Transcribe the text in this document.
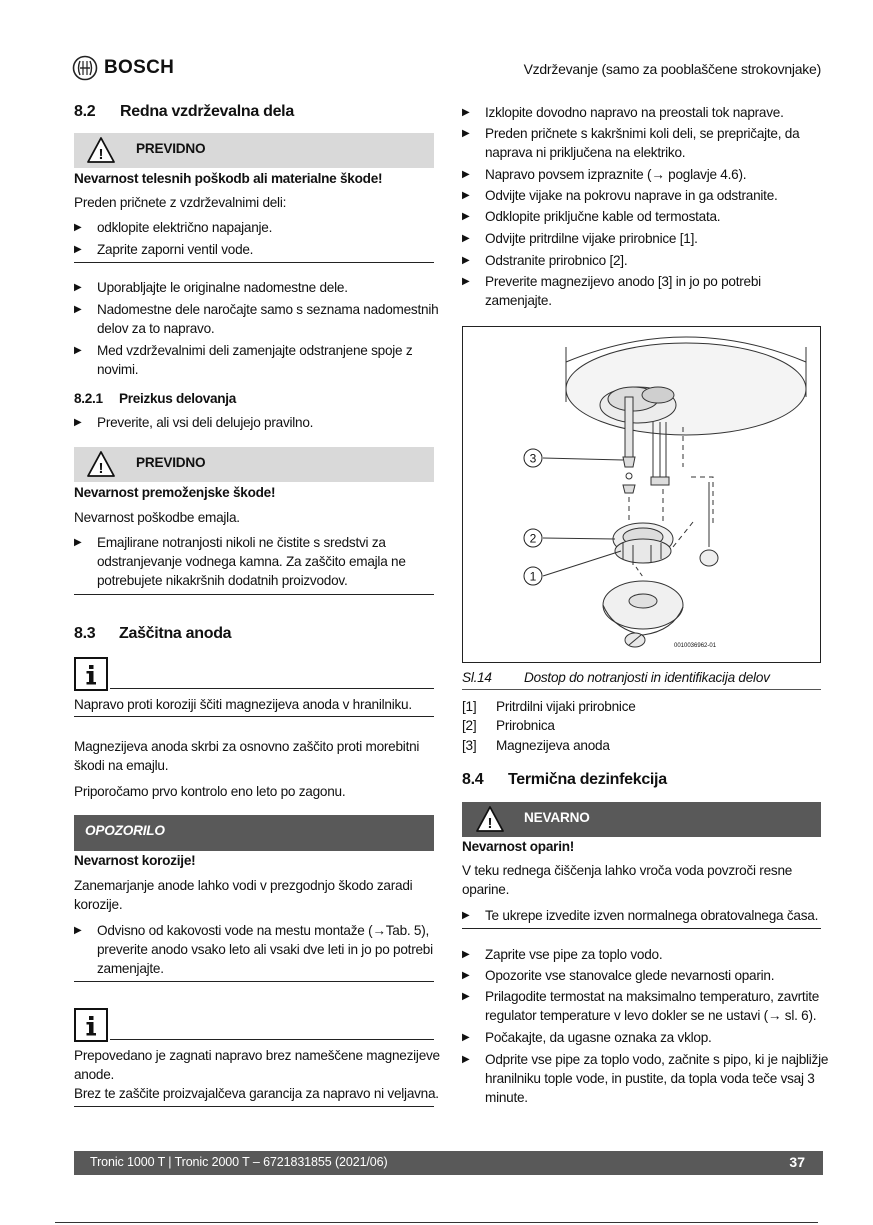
BOSCH	Vzdrževanje (samo za pooblaščene strokovnjake)
8.2 Redna vzdrževalna dela
! PREVIDNO
Nevarnost telesnih poškodb ali materialne škode!
Preden pričnete z vzdrževalnimi deli:
▶ odklopite električno napajanje.
▶ Zaprite zaporni ventil vode.
▶ Uporabljajte le originalne nadomestne dele.
▶ Nadomestne dele naročajte samo s seznama nadomestnih
delov za to napravo.
▶ Med vzdrževalnimi deli zamenjajte odstranjene spoje z
novimi.
8.2.1 Preizkus delovanja
▶ Preverite, ali vsi deli delujejo pravilno.
! PREVIDNO
Nevarnost premoženjske škode!
Nevarnost poškodbe emajla.
▶ Emajlirane notranjosti nikoli ne čistite s sredstvi za
odstranjevanje vodnega kamna. Za zaščito emajla ne
potrebujete nikakršnih dodatnih proizvodov.
8.3 Zaščitna anoda
Napravo proti koroziji ščiti magnezijeva anoda v hranilniku.
Magnezijeva anoda skrbi za osnovno zaščito proti morebitni
škodi na emajlu.
Priporočamo prvo kontrolo eno leto po zagonu.
OPOZORILO
Nevarnost korozije!
Zanemarjanje anode lahko vodi v prezgodnjo škodo zaradi
korozije.
▶ Odvisno od kakovosti vode na mestu montaže (→Tab. 5),
preverite anodo vsako leto ali vsaki dve leti in jo po potrebi
zamenjajte.
Prepovedano je zagnati napravo brez nameščene magnezijeve
anode.
Brez te zaščite proizvajalčeva garancija za napravo ni veljavna.
▶ Izklopite dovodno napravo na preostali tok naprave.
▶ Preden pričnete s kakršnimi koli deli, se prepričajte, da
naprava ni priključena na elektriko.
▶ Napravo povsem izpraznite (→ poglavje 4.6).
▶ Odvijte vijake na pokrovu naprave in ga odstranite.
▶ Odklopite priključne kable od termostata.
▶ Odvijte pritrdilne vijake prirobnice [1].
▶ Odstranite prirobnico [2].
▶ Preverite magnezijevo anodo [3] in jo po potrebi
zamenjajte.
3
2
1
0010036962-01
Sl.14 Dostop do notranjosti in identifikacija delov
[1] Pritrdilni vijaki prirobnice
[2] Prirobnica
[3] Magnezijeva anoda
8.4 Termična dezinfekcija
! NEVARNO
Nevarnost oparin!
V teku rednega čiščenja lahko vroča voda povzroči resne
oparine.
▶ Te ukrepe izvedite izven normalnega obratovalnega časa.
▶ Zaprite vse pipe za toplo vodo.
▶ Opozorite vse stanovalce glede nevarnosti oparin.
▶ Prilagodite termostat na maksimalno temperaturo, zavrtite
regulator temperature v levo dokler se ne ustavi (→ sl. 6).
▶ Počakajte, da ugasne oznaka za vklop.
▶ Odprite vse pipe za toplo vodo, začnite s pipo, ki je najbližje
hranilniku tople vode, in pustite, da topla voda teče vsaj 3
minute.
Tronic 1000 T | Tronic 2000 T – 6721831855 (2021/06)	37
